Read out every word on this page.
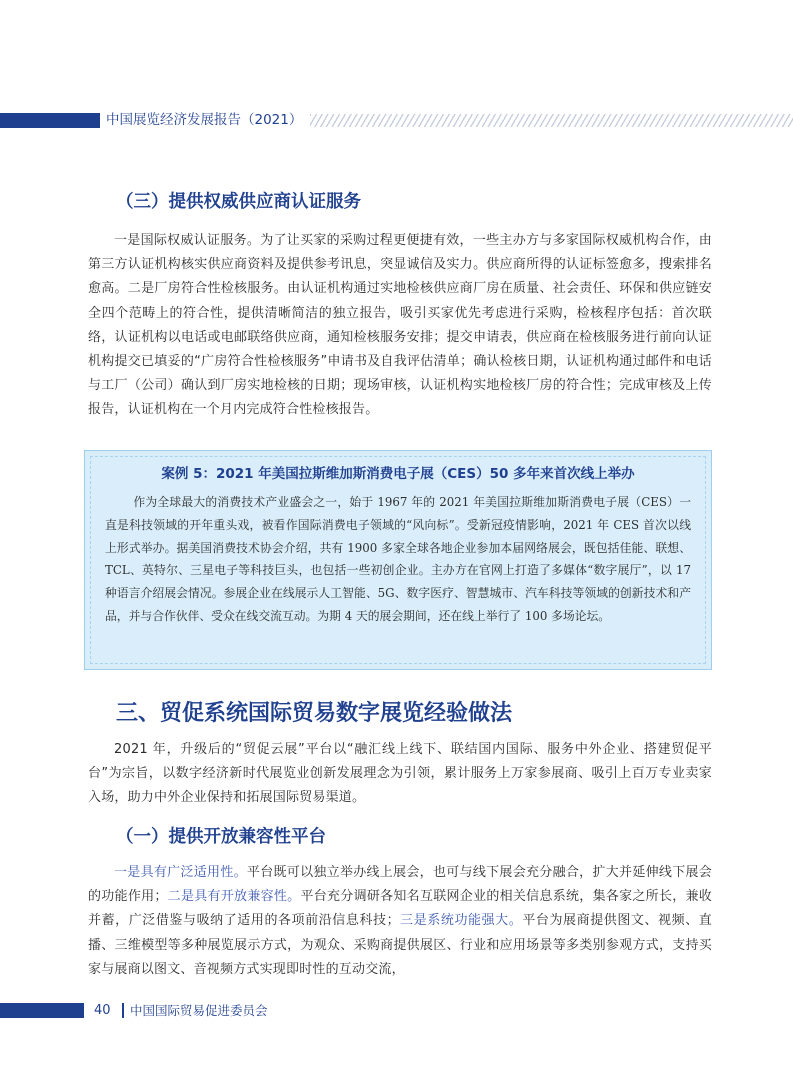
中国展览经济发展报告（2021）
（三）提供权威供应商认证服务

一是国际权威认证服务。为了让买家的采购过程更便捷有效，一些主办方与多家国际权威机构合作，由第三方认证机构核实供应商资料及提供参考讯息，突显诚信及实力。供应商所得的认证标签愈多，搜索排名愈高。二是厂房符合性检核服务。由认证机构通过实地检核供应商厂房在质量、社会责任、环保和供应链安全四个范畴上的符合性，提供清晰简洁的独立报告，吸引买家优先考虑进行采购，检核程序包括：首次联络，认证机构以电话或电邮联络供应商，通知检核服务安排；提交申请表，供应商在检核服务进行前向认证机构提交已填妥的“广房符合性检核服务”申请书及自我评估清单；确认检核日期，认证机构通过邮件和电话与工厂（公司）确认到厂房实地检核的日期；现场审核，认证机构实地检核厂房的符合性；完成审核及上传报告，认证机构在一个月内完成符合性检核报告。

案例 5：2021 年美国拉斯维加斯消费电子展（CES）50 多年来首次线上举办

作为全球最大的消费技术产业盛会之一，始于 1967 年的 2021 年美国拉斯维加斯消费电子展（CES）一直是科技领域的开年重头戏，被看作国际消费电子领域的“风向标”。受新冠疫情影响，2021 年 CES 首次以线上形式举办。据美国消费技术协会介绍，共有 1900 多家全球各地企业参加本届网络展会，既包括佳能、联想、TCL、英特尔、三星电子等科技巨头，也包括一些初创企业。主办方在官网上打造了多媒体“数字展厅”，以 17 种语言介绍展会情况。参展企业在线展示人工智能、5G、数字医疗、智慧城市、汽车科技等领域的创新技术和产品，并与合作伙伴、受众在线交流互动。为期 4 天的展会期间，还在线上举行了 100 多场论坛。

三、贸促系统国际贸易数字展览经验做法

2021 年，升级后的“贸促云展”平台以“融汇线上线下、联结国内国际、服务中外企业、搭建贸促平台”为宗旨，以数字经济新时代展览业创新发展理念为引领，累计服务上万家参展商、吸引上百万专业卖家入场，助力中外企业保持和拓展国际贸易渠道。

（一）提供开放兼容性平台

一是具有广泛适用性。平台既可以独立举办线上展会，也可与线下展会充分融合，扩大并延伸线下展会的功能作用；二是具有开放兼容性。平台充分调研各知名互联网企业的相关信息系统，集各家之所长，兼收并蓄，广泛借鉴与吸纳了适用的各项前沿信息科技；三是系统功能强大。平台为展商提供图文、视频、直播、三维模型等多种展览展示方式，为观众、采购商提供展区、行业和应用场景等多类别参观方式，支持买家与展商以图文、音视频方式实现即时性的互动交流，

40 中国国际贸易促进委员会
